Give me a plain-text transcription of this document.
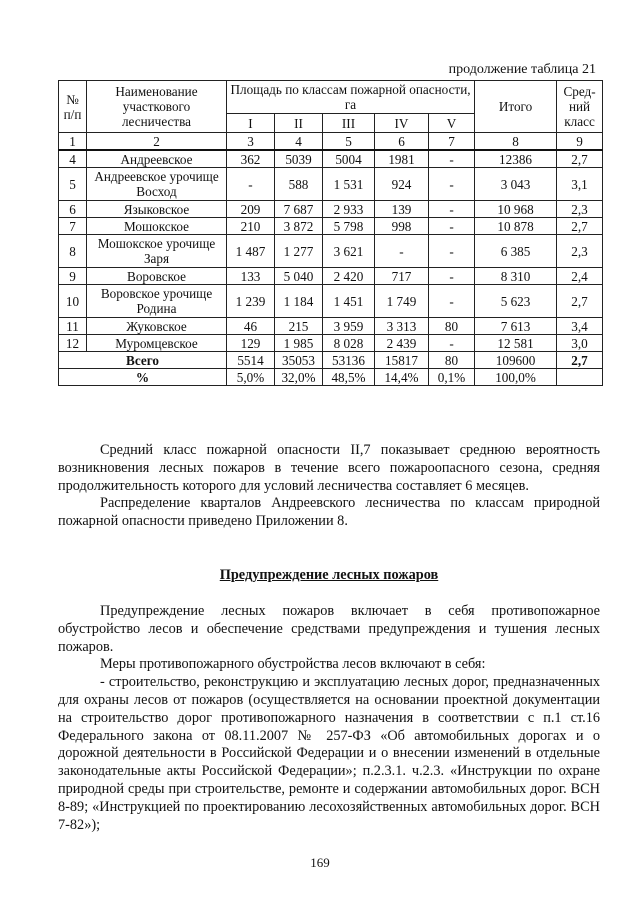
продолжение таблица 21
№ п/п	Наименование участкового лесничества	Площадь по классам пожарной опасности, га					Итого	Сред-ний класс
		I	II	III	IV	V		
1	2	3	4	5	6	7	8	9
4	Андреевское	362	5039	5004	1981	-	12386	2,7
5	Андреевское урочище Восход	-	588	1 531	924	-	3 043	3,1
6	Языковское	209	7 687	2 933	139	-	10 968	2,3
7	Мошокское	210	3 872	5 798	998	-	10 878	2,7
8	Мошокское урочище Заря	1 487	1 277	3 621	-	-	6 385	2,3
9	Воровское	133	5 040	2 420	717	-	8 310	2,4
10	Воровское урочище Родина	1 239	1 184	1 451	1 749	-	5 623	2,7
11	Жуковское	46	215	3 959	3 313	80	7 613	3,4
12	Муромцевское	129	1 985	8 028	2 439	-	12 581	3,0
Всего		5514	35053	53136	15817	80	109600	2,7
%		5,0%	32,0%	48,5%	14,4%	0,1%	100,0%	

Средний класс пожарной опасности II,7 показывает среднюю вероятность возникновения лесных пожаров в течение всего пожароопасного сезона, средняя продолжительность которого для условий лесничества составляет 6 месяцев.

Распределение кварталов Андреевского лесничества по классам природной пожарной опасности приведено Приложении 8.

Предупреждение лесных пожаров

Предупреждение лесных пожаров включает в себя противопожарное обустройство лесов и обеспечение средствами предупреждения и тушения лесных пожаров.

Меры противопожарного обустройства лесов включают в себя:

- строительство, реконструкцию и эксплуатацию лесных дорог, предназначенных для охраны лесов от пожаров (осуществляется на основании проектной документации на строительство дорог противопожарного назначения в соответствии с п.1 ст.16 Федерального закона от 08.11.2007 № 257-ФЗ «Об автомобильных дорогах и о дорожной деятельности в Российской Федерации и о внесении изменений в отдельные законодательные акты Российской Федерации»; п.2.3.1. ч.2.3. «Инструкции по охране природной среды при строительстве, ремонте и содержании автомобильных дорог. ВСН 8-89; «Инструкцией по проектированию лесохозяйственных автомобильных дорог. ВСН 7-82»);

169
